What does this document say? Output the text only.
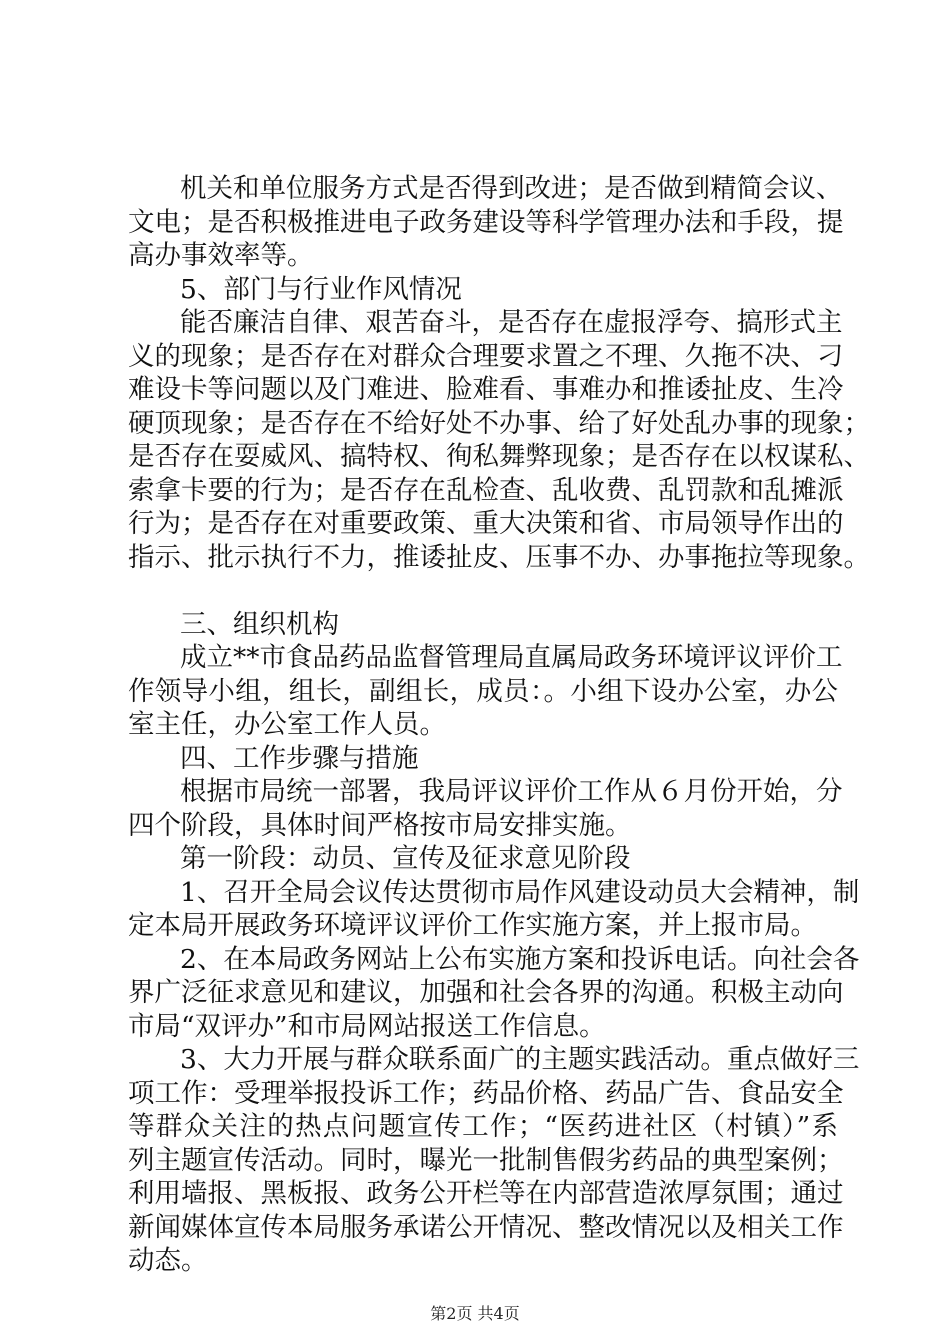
机关和单位服务方式是否得到改进；是否做到精简会议、
文电；是否积极推进电子政务建设等科学管理办法和手段，提
高办事效率等。
5、部门与行业作风情况
能否廉洁自律、艰苦奋斗，是否存在虚报浮夸、搞形式主
义的现象；是否存在对群众合理要求置之不理、久拖不决、刁
难设卡等问题以及门难进、脸难看、事难办和推诿扯皮、生冷
硬顶现象；是否存在不给好处不办事、给了好处乱办事的现象；
是否存在耍威风、搞特权、徇私舞弊现象；是否存在以权谋私、
索拿卡要的行为；是否存在乱检查、乱收费、乱罚款和乱摊派
行为；是否存在对重要政策、重大决策和省、市局领导作出的
指示、批示执行不力，推诿扯皮、压事不办、办事拖拉等现象。
三、组织机构
成立**市食品药品监督管理局直属局政务环境评议评价工
作领导小组，组长，副组长，成员：。小组下设办公室，办公
室主任，办公室工作人员。
四、工作步骤与措施
根据市局统一部署，我局评议评价工作从６月份开始，分
四个阶段，具体时间严格按市局安排实施。
第一阶段：动员、宣传及征求意见阶段
1、召开全局会议传达贯彻市局作风建设动员大会精神，制
定本局开展政务环境评议评价工作实施方案，并上报市局。
2、在本局政务网站上公布实施方案和投诉电话。向社会各
界广泛征求意见和建议，加强和社会各界的沟通。积极主动向
市局“双评办”和市局网站报送工作信息。
3、大力开展与群众联系面广的主题实践活动。重点做好三
项工作：受理举报投诉工作；药品价格、药品广告、食品安全
等群众关注的热点问题宣传工作；“医药进社区（村镇）”系
列主题宣传活动。同时，曝光一批制售假劣药品的典型案例；
利用墙报、黑板报、政务公开栏等在内部营造浓厚氛围；通过
新闻媒体宣传本局服务承诺公开情况、整改情况以及相关工作
动态。
第2页 共4页
